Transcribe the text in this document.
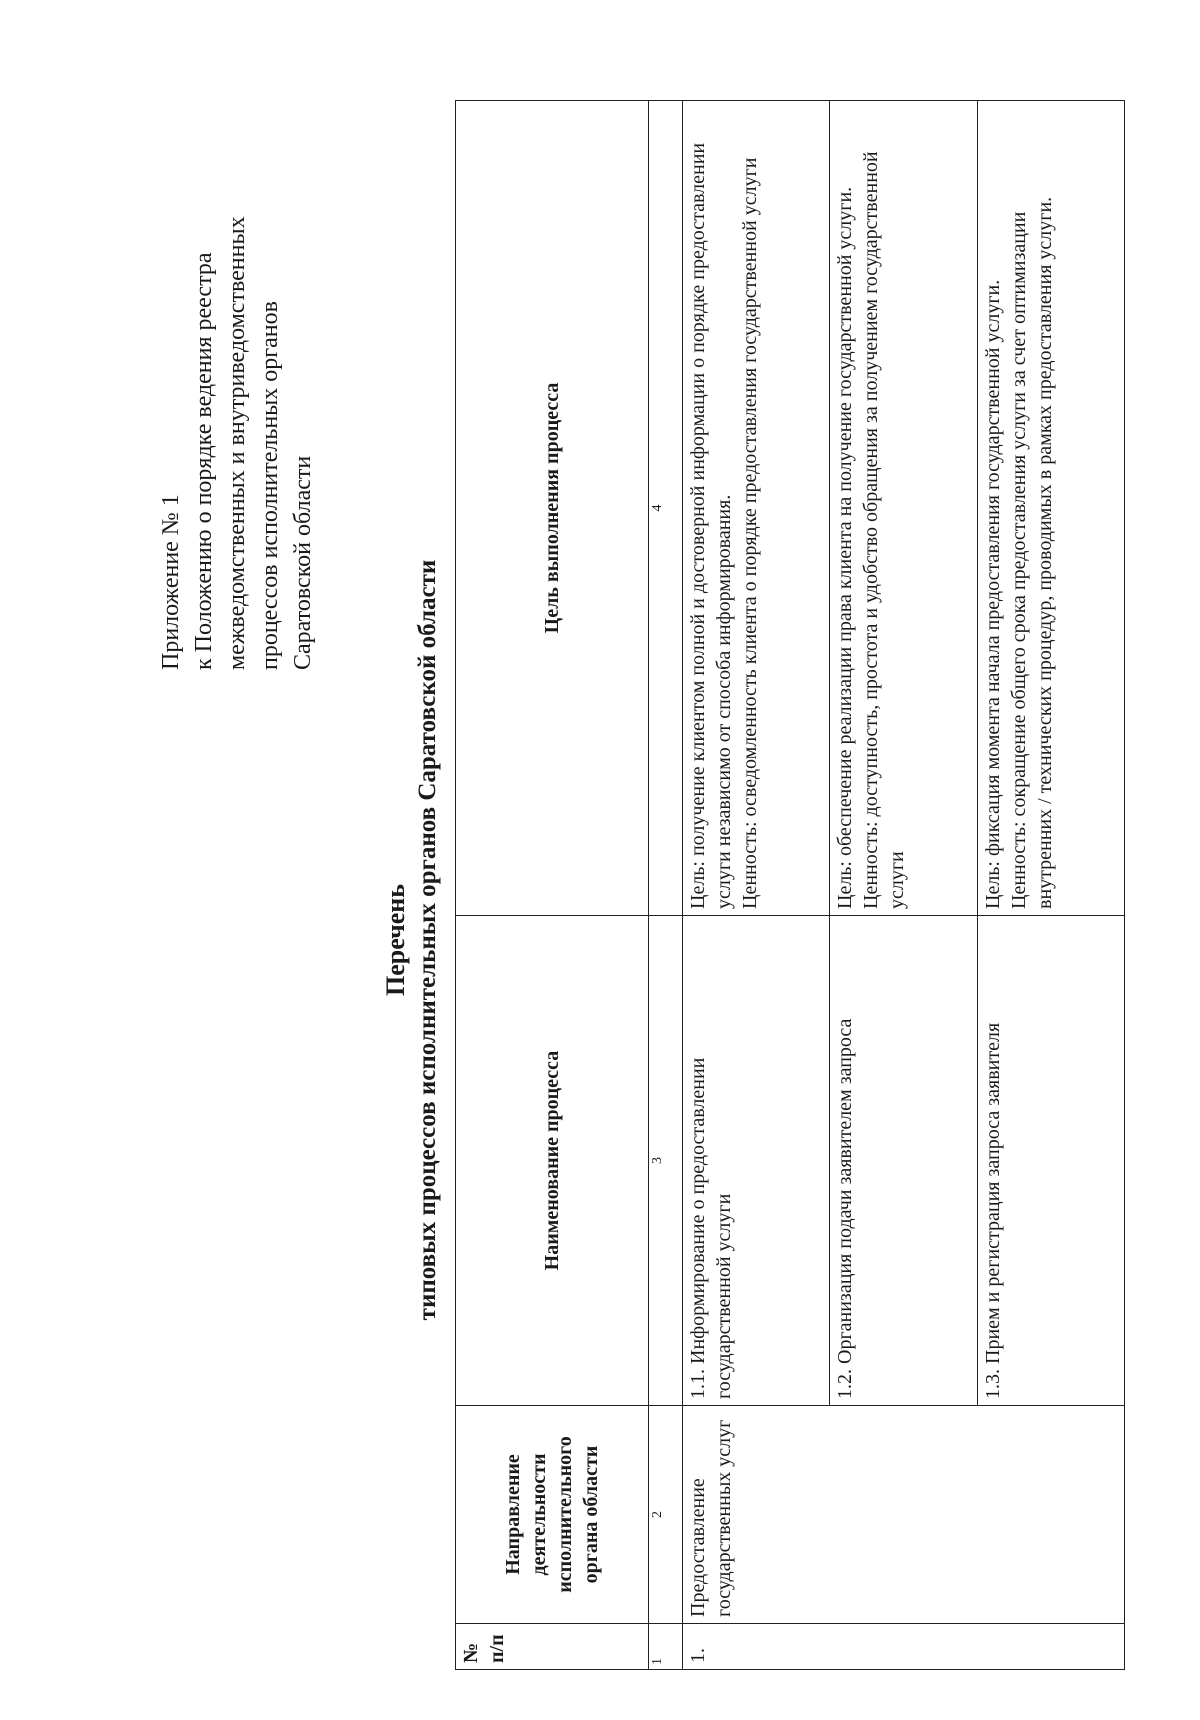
Приложение № 1 к Положению о порядке ведения реестра межведомственных и внутриведомственных процессов исполнительных органов Саратовской области
Перечень типовых процессов исполнительных органов Саратовской области
№ п/п	Направление деятельности исполнительного органа области	Наименование процесса	Цель выполнения процесса
1	2	3	4
1.	Предоставление государственных услуг	1.1. Информирование о предоставлении государственной услуги	Цель: получение клиентом полной и достоверной информации о порядке предоставлении услуги независимо от способа информирования. Ценность: осведомленность клиента о порядке предоставления государственной услуги

		1.2. Организация подачи заявителем запроса	Цель: обеспечение реализации права клиента на получение государственной услуги. Ценность: доступность, простота и удобство обращения за получением государственной услуги

		1.3. Прием и регистрация запроса заявителя	Цель: фиксация момента начала предоставления государственной услуги. Ценность: сокращение общего срока предоставления услуги за счет оптимизации внутренних / технических процедур, проводимых в рамках предоставления услуги.
